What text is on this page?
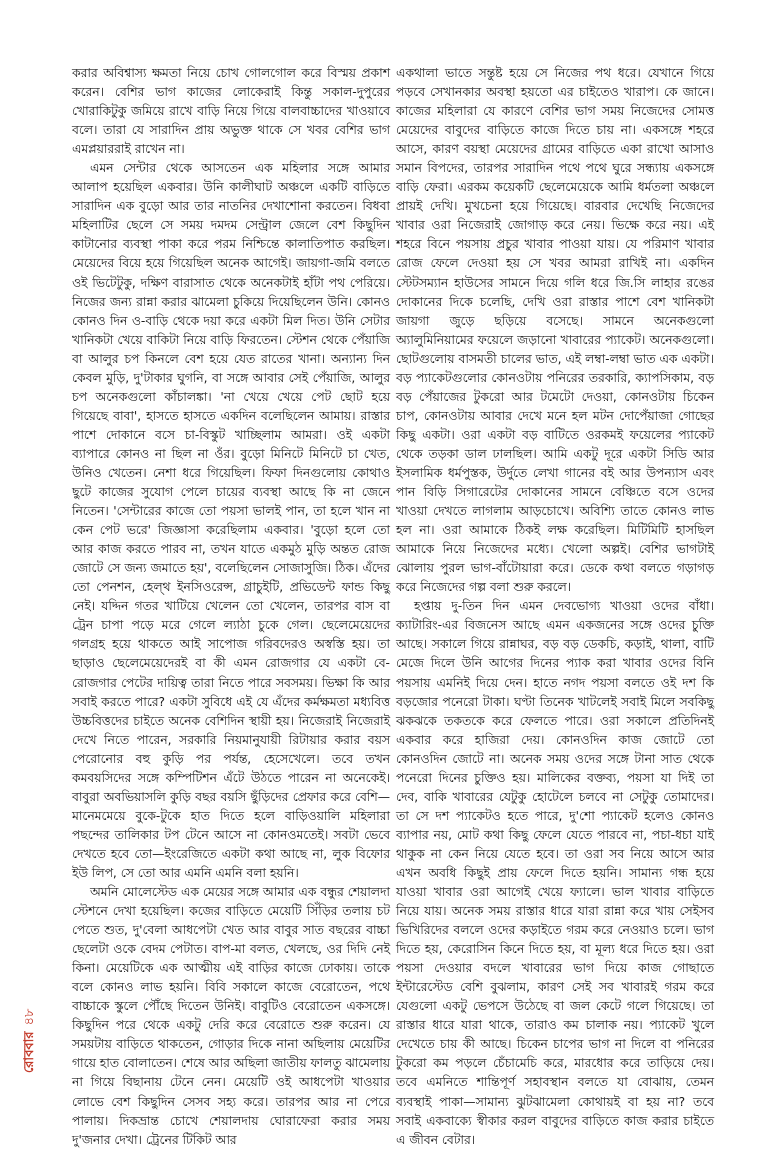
করার অবিশ্বাস্য ক্ষমতা নিয়ে চোখ গোলগোল করে বিস্ময় প্রকাশ করেন। বেশির ভাগ কাজের লোকেরাই কিন্তু সকাল-দুপুরের খোরাকিটুকু জমিয়ে রাখে বাড়ি নিয়ে গিয়ে বালবাচ্চাদের খাওয়াবে বলে। তারা যে সারাদিন প্রায় অভুক্ত থাকে সে খবর বেশির ভাগ এমপ্লয়াররাই রাখেন না।

এমন সেন্টার থেকে আসতেন এক মহিলার সঙ্গে আমার আলাপ হয়েছিল একবার। উনি কালীঘাট অঞ্চলে একটি বাড়িতে সারাদিন এক বুড়ো আর তার নাতনির দেখাশোনা করতেন। বিধবা মহিলাটির ছেলে সে সময় দমদম সেন্ট্রাল জেলে বেশ কিছুদিন কাটানোর ব্যবস্থা পাকা করে পরম নিশ্চিন্তে কালাতিপাত করছিল। মেয়েদের বিয়ে হয়ে গিয়েছিল অনেক আগেই। জায়গা-জমি বলতে ওই ভিটেটুকু, দক্ষিণ বারাসাত থেকে অনেকটাই হাঁটা পথ পেরিয়ে। নিজের জন্য রান্না করার ঝামেলা চুকিয়ে দিয়েছিলেন উনি। কোনও কোনও দিন ও-বাড়ি থেকে দয়া করে একটা মিল দিত। উনি সেটার খানিকটা খেয়ে বাকিটা নিয়ে বাড়ি ফিরতেন। স্টেশন থেকে পেঁয়াজি বা আলুর চপ কিনলে বেশ হয়ে যেত রাতের খানা। অন্যান্য দিন কেবল মুড়ি, দু'টাকার ঘুগনি, বা সঙ্গে আবার সেই পেঁয়াজি, আলুর চপ অনেকগুলো কাঁচালঙ্কা। 'না খেয়ে খেয়ে পেট ছোট হয়ে গিয়েছে বাবা', হাসতে হাসতে একদিন বলেছিলেন আমায়। রাস্তার পাশে দোকানে বসে চা-বিস্কুট খাচ্ছিলাম আমরা। ওই একটা ব্যাপারে কোনও না ছিল না ওঁর। বুড়ো মিনিটে মিনিটে চা খেত, উনিও খেতেন। নেশা ধরে গিয়েছিল। ফিফা দিনগুলোয় কোথাও ছুটে কাজের সুযোগ পেলে চায়ের ব্যবস্থা আছে কি না জেনে নিতেন। 'সেন্টারের কাজে তো পয়সা ভালই পান, তা হলে খান না কেন পেট ভরে' জিজ্ঞাসা করেছিলাম একবার। 'বুড়ো হলে তো আর কাজ করতে পারব না, তখন যাতে একমুঠ মুড়ি অন্তত রোজ জোটে সে জন্য জমাতে হয়', বলেছিলেন সোজাসুজি। ঠিক। এঁদের তো পেনশন, হেল্থ ইনসিওরেন্স, গ্রাচুইটি, প্রভিডেন্ট ফান্ড কিছু নেই। যদ্দিন গতর খাটিয়ে খেলেন তো খেলেন, তারপর বাস বা ট্রেন চাপা পড়ে মরে গেলে ল্যাঠা চুকে গেল। ছেলেমেয়েদের গলগ্রহ হয়ে থাকতে আই সাপোজ গরিবদেরও অস্বস্তি হয়। তা ছাড়াও ছেলেমেয়েদেরই বা কী এমন রোজগার যে একটা বে-রোজগার পেটের দায়িত্ব তারা নিতে পারে সবসময়। ভিক্ষা কি আর সবাই করতে পারে? একটা সুবিধে এই যে এঁদের কর্মক্ষমতা মধ্যবিত্ত উচ্চবিত্তদের চাইতে অনেক বেশিদিন স্থায়ী হয়। নিজেরাই নিজেরাই দেখে নিতে পারেন, সরকারি নিয়মানুযায়ী রিটায়ার করার বয়স পেরোনোর বহু কুড়ি পর পর্যন্ত, হেসেখেলে। তবে তখন কমবয়সিদের সঙ্গে কম্পিটিশন এঁটে উঠতে পারেন না অনেকেই। বাবুরা অবভিয়াসলি কুড়ি বছর বয়সি ছুঁড়িদের প্রেফার করে বেশি—মানেমমেয়ে বুকে-টুকে হাত দিতে হলে বাড়িওয়ালি মহিলারা পছন্দের তালিকার টপ টেনে আসে না কোনওমতেই। সবটা ভেবে দেখতে হবে তো—ইংরেজিতে একটা কথা আছে না, লুক বিফোর ইউ লিপ, সে তো আর এমনি এমনি বলা হয়নি।

অমনি মোলেস্টেড এক মেয়ের সঙ্গে আমার এক বন্ধুর শেয়ালদা স্টেশনে দেখা হয়েছিল। কজের বাড়িতে মেয়েটি সিঁড়ির তলায় চট পেতে শুত, দু'বেলা আধপেটা খেত আর বাবুর সাত বছরের বাচ্চা ছেলেটা ওকে বেদম পেটাত। বাপ-মা বলত, খেলছে, ওর দিদি নেই কিনা। মেয়েটিকে এক আত্মীয় এই বাড়ির কাজে ঢোকায়। তাকে বলে কোনও লাভ হয়নি। বিবি সকালে কাজে বেরোতেন, পথে বাচ্চাকে স্কুলে পৌঁছে দিতেন উনিই। বাবুটিও বেরোতেন একসঙ্গে। কিছুদিন পরে থেকে একটু দেরি করে বেরোতে শুরু করেন। যে সময়টায় বাড়িতে থাকতেন, গোড়ার দিকে নানা অছিলায় মেয়েটির গায়ে হাত বোলাতেন। শেষে আর অছিলা জাতীয় ফালতু ঝামেলায় না গিয়ে বিছানায় টেনে নেন। মেয়েটি ওই আধপেটা খাওয়ার লোভে বেশ কিছুদিন সেসব সহ্য করে। তারপর আর না পেরে পালায়। দিকভ্রান্ত চোখে শেয়ালদায় ঘোরাফেরা করার সময় দু'জনার দেখা। ট্রেনের টিকিট আর

একথালা ভাতে সন্তুষ্ট হয়ে সে নিজের পথ ধরে। যেখানে গিয়ে পড়বে সেখানকার অবস্থা হয়তো এর চাইতেও খারাপ। কে জানে। কাজের মহিলারা যে কারণে বেশির ভাগ সময় নিজেদের সোমত্ত মেয়েদের বাবুদের বাড়িতে কাজে দিতে চায় না। একসঙ্গে শহরে আসে, কারণ বয়স্থা মেয়েদের গ্রামের বাড়িতে একা রাখো আসাও সমান বিপদের, তারপর সারাদিন পথে পথে ঘুরে সন্ধ্যায় একসঙ্গে বাড়ি ফেরা। এরকম কয়েকটি ছেলেমেয়েকে আমি ধর্মতলা অঞ্চলে প্রায়ই দেখি। মুখচেনা হয়ে গিয়েছে। বারবার দেখেছি নিজেদের খাবার ওরা নিজেরাই জোগাড় করে নেয়। ভিক্ষে করে নয়। এই শহরে বিনে পয়সায় প্রচুর খাবার পাওয়া যায়। যে পরিমাণ খাবার রোজ ফেলে দেওয়া হয় সে খবর আমরা রাখিই না। একদিন স্টেটসম্যান হাউসের সামনে দিয়ে গলি ধরে জি.সি লাহার রঙের দোকানের দিকে চলেছি, দেখি ওরা রাস্তার পাশে বেশ খানিকটা জায়গা জুড়ে ছড়িয়ে বসেছে। সামনে অনেকগুলো অ্যালুমিনিয়ামের ফয়েলে জড়ানো খাবারের প্যাকেট। অনেকগুলো। ছোটগুলোয় বাসমতী চালের ভাত, এই লম্বা-লম্বা ভাত এক একটা। বড় প্যাকেটগুলোর কোনওটায় পনিরের তরকারি, ক্যাপসিকাম, বড় বড় পেঁয়াজের টুকরো আর টমেটো দেওয়া, কোনওটায় চিকেন চাপ, কোনওটায় আবার দেখে মনে হল মটন দোপেঁয়াজা গোছের কিছু একটা। ওরা একটা বড় বাটিতে ওরকমই ফয়েলের প্যাকেট থেকে তড়কা ডাল ঢালছিল। আমি একটু দূরে একটা সিডি আর ইসলামিক ধর্মপুস্তক, উর্দুতে লেখা গানের বই আর উপন্যাস এবং পান বিড়ি সিগারেটের দোকানের সামনে বেঞ্চিতে বসে ওদের খাওয়া দেখতে লাগলাম আড়চোখে। অবিশ্যি তাতে কোনও লাভ হল না। ওরা আমাকে ঠিকই লক্ষ করেছিল। মিটিমিটি হাসছিল আমাকে নিয়ে নিজেদের মধ্যে। খেলো অল্পই। বেশির ভাগটাই ঝোলায় পুরল ভাগ-বাঁটোয়ারা করে। ডেকে কথা বলতে গড়াগড় করে নিজেদের গল্প বলা শুরু করলে।

হপ্তায় দু-তিন দিন এমন দেবভোগ্য খাওয়া ওদের বাঁধা। ক্যাটারিং-এর বিজনেস আছে এমন একজনের সঙ্গে ওদের চুক্তি আছে। সকালে গিয়ে রান্নাঘর, বড় বড় ডেকচি, কড়াই, থালা, বাটি মেজে দিলে উনি আগের দিনের প্যাক করা খাবার ওদের বিনি পয়সায় এমনিই দিয়ে দেন। হাতে নগদ পয়সা বলতে ওই দশ কি বড়জোর পনেরো টাকা। ঘণ্টা তিনেক খাটলেই সবাই মিলে সবকিছু ঝকঝকে তকতকে করে ফেলতে পারে। ওরা সকালে প্রতিদিনই একবার করে হাজিরা দেয়। কোনওদিন কাজ জোটে তো কোনওদিন জোটে না। অনেক সময় ওদের সঙ্গে টানা সাত থেকে পনেরো দিনের চুক্তিও হয়। মালিকের বক্তব্য, পয়সা যা দিই তা দেব, বাকি খাবারের যেটুকু হোটেলে চলবে না সেটুকু তোমাদের। তা সে দশ প্যাকেটও হতে পারে, দু'শো প্যাকেট হলেও কোনও ব্যাপার নয়, মোট কথা কিছু ফেলে যেতে পারবে না, পচা-ধচা যাই থাকুক না কেন নিয়ে যেতে হবে। তা ওরা সব নিয়ে আসে আর এখন অবধি কিছুই প্রায় ফেলে দিতে হয়নি। সামান্য গন্ধ হয়ে যাওয়া খাবার ওরা আগেই খেয়ে ফ্যালে। ভাল খাবার বাড়িতে নিয়ে যায়। অনেক সময় রাস্তার ধারে যারা রান্না করে খায় সেইসব ভিখিরিদের বললে ওদের কড়াইতে গরম করে নেওয়াও চলে। ভাগ দিতে হয়, কেরোসিন কিনে দিতে হয়, বা মূল্য ধরে দিতে হয়। ওরা পয়সা দেওয়ার বদলে খাবারের ভাগ দিয়ে কাজ গোছাতে ইন্টারেস্টেড বেশি বুঝলাম, কারণ সেই সব খাবারই গরম করে যেগুলো একটু ভেপসে উঠেছে বা জল কেটে গলে গিয়েছে। তা রাস্তার ধারে যারা থাকে, তারাও কম চালাক নয়। প্যাকেট খুলে দেখেতে চায় কী আছে। চিকেন চাপের ভাগ না দিলে বা পনিরের টুকরো কম পড়লে চেঁচামেচি করে, মারধোর করে তাড়িয়ে দেয়। তবে এমনিতে শান্তিপূর্ণ সহাবস্থান বলতে যা বোঝায়, তেমন ব্যবস্থাই পাকা—সামান্য ঝুটঝামেলা কোথায়ই বা হয় না? তবে সবাই একবাক্যে স্বীকার করল বাবুদের বাড়িতে কাজ করার চাইতে এ জীবন বেটার।

রোববার৪৮
